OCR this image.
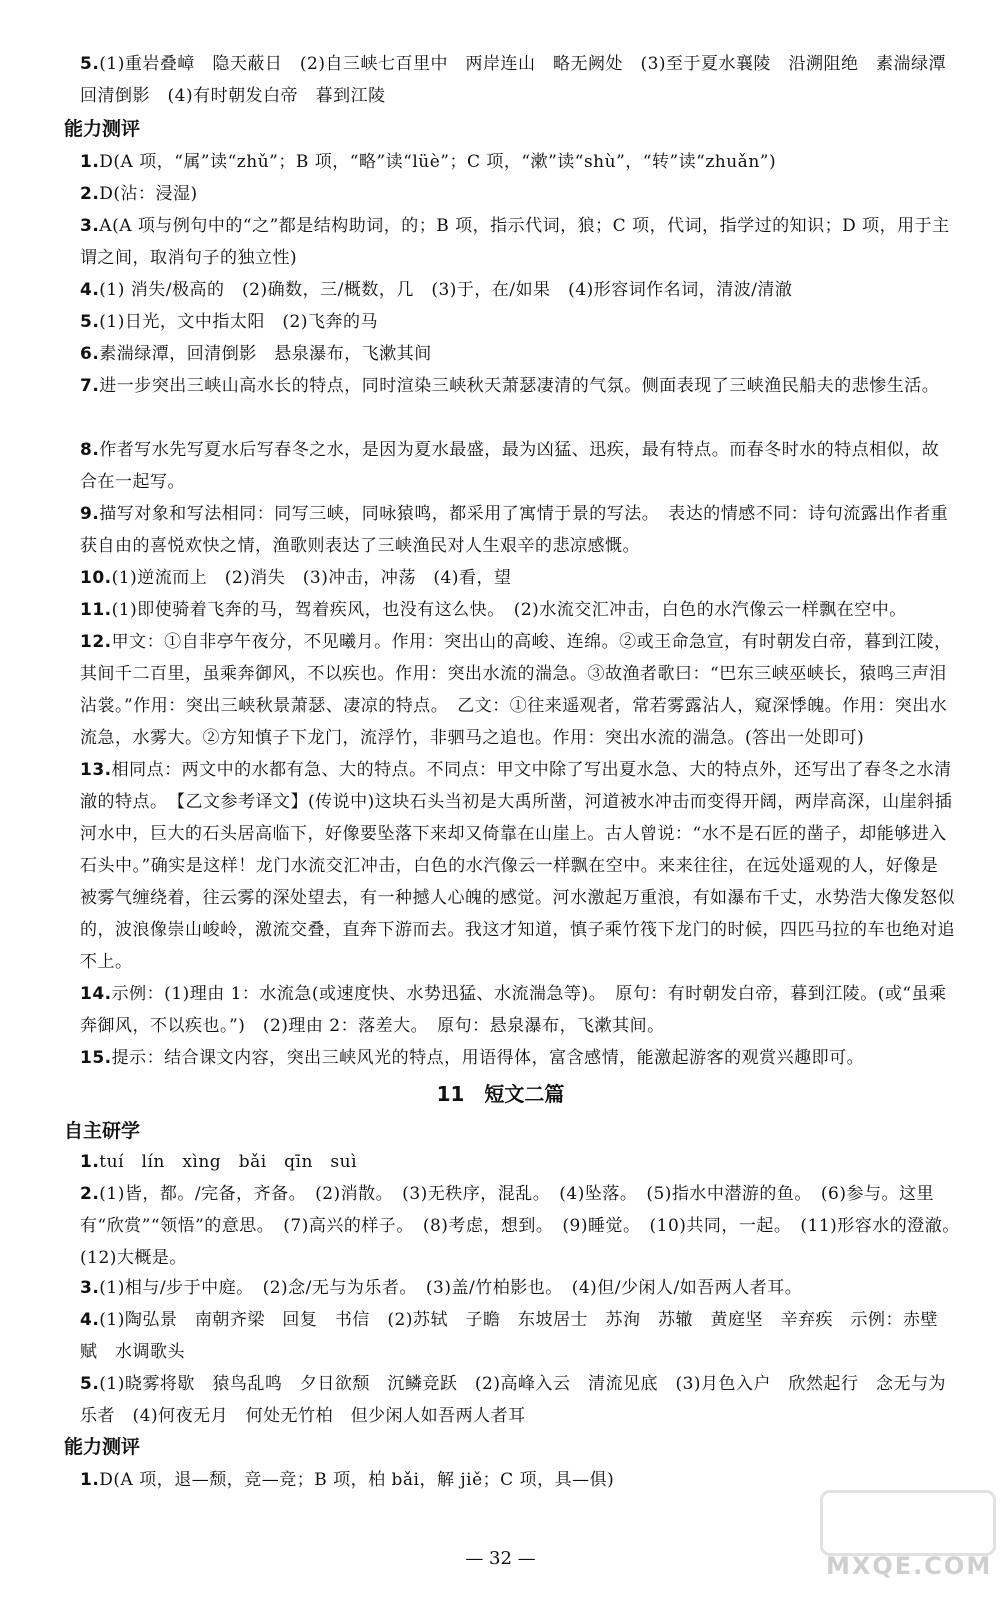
5.(1)重岩叠嶂　隐天蔽日　(2)自三峡七百里中　两岸连山　略无阙处　(3)至于夏水襄陵　沿溯阻绝　素湍绿潭　回清倒影　(4)有时朝发白帝　暮到江陵
能力测评
1.D(A 项，“属”读“zhǔ”；B 项，“略”读“lüè”；C 项，“漱”读“shù”，“转”读“zhuǎn”)
2.D(沾：浸湿)
3.A(A 项与例句中的“之”都是结构助词，的；B 项，指示代词，狼；C 项，代词，指学过的知识；D 项，用于主谓之间，取消句子的独立性)
4.(1) 消失/极高的　(2)确数，三/概数，几　(3)于，在/如果　(4)形容词作名词，清波/清澈
5.(1)日光，文中指太阳　(2)飞奔的马
6.素湍绿潭，回清倒影　悬泉瀑布，飞漱其间
7.进一步突出三峡山高水长的特点，同时渲染三峡秋天萧瑟凄清的气氛。侧面表现了三峡渔民船夫的悲惨生活。
8.作者写水先写夏水后写春冬之水，是因为夏水最盛，最为凶猛、迅疾，最有特点。而春冬时水的特点相似，故合在一起写。
9.描写对象和写法相同：同写三峡，同咏猿鸣，都采用了寓情于景的写法。　表达的情感不同：诗句流露出作者重获自由的喜悦欢快之情，渔歌则表达了三峡渔民对人生艰辛的悲凉感慨。
10.(1)逆流而上　(2)消失　(3)冲击，冲荡　(4)看，望
11.(1)即使骑着飞奔的马，驾着疾风，也没有这么快。　(2)水流交汇冲击，白色的水汽像云一样飘在空中。
12.甲文：①自非亭午夜分，不见曦月。作用：突出山的高峻、连绵。②或王命急宣，有时朝发白帝，暮到江陵，其间千二百里，虽乘奔御风，不以疾也。作用：突出水流的湍急。③故渔者歌曰：“巴东三峡巫峡长，猿鸣三声泪沾裳。”作用：突出三峡秋景萧瑟、凄凉的特点。　乙文：①往来遥观者，常若雾露沾人，窥深悸魄。作用：突出水流急，水雾大。②方知慎子下龙门，流浮竹，非驷马之追也。作用：突出水流的湍急。(答出一处即可)
13.相同点：两文中的水都有急、大的特点。不同点：甲文中除了写出夏水急、大的特点外，还写出了春冬之水清澈的特点。　【乙文参考译文】(传说中)这块石头当初是大禹所凿，河道被水冲击而变得开阔，两岸高深，山崖斜插河水中，巨大的石头居高临下，好像要坠落下来却又倚靠在山崖上。古人曾说：“水不是石匠的凿子，却能够进入石头中。”确实是这样！龙门水流交汇冲击，白色的水汽像云一样飘在空中。来来往往，在远处遥观的人，好像是被雾气缠绕着，往云雾的深处望去，有一种撼人心魄的感觉。河水激起万重浪，有如瀑布千丈，水势浩大像发怒似的，波浪像崇山峻岭，激流交叠，直奔下游而去。我这才知道，慎子乘竹筏下龙门的时候，四匹马拉的车也绝对追不上。
14.示例：(1)理由 1：水流急(或速度快、水势迅猛、水流湍急等)。　原句：有时朝发白帝，暮到江陵。(或“虽乘奔御风，不以疾也。”)　(2)理由 2：落差大。　原句：悬泉瀑布，飞漱其间。
15.提示：结合课文内容，突出三峡风光的特点，用语得体，富含感情，能激起游客的观赏兴趣即可。
11　短文二篇
自主研学
1.tuí　lín　xìng　bǎi　qīn　suì
2.(1)皆，都。/完备，齐备。　(2)消散。　(3)无秩序，混乱。　(4)坠落。　(5)指水中潜游的鱼。　(6)参与。这里有“欣赏”“领悟”的意思。　(7)高兴的样子。　(8)考虑，想到。　(9)睡觉。　(10)共同，一起。　(11)形容水的澄澈。　(12)大概是。
3.(1)相与/步于中庭。　(2)念/无与为乐者。　(3)盖/竹柏影也。　(4)但/少闲人/如吾两人者耳。
4.(1)陶弘景　南朝齐梁　回复　书信　(2)苏轼　子瞻　东坡居士　苏洵　苏辙　黄庭坚　辛弃疾　示例：赤壁赋　水调歌头
5.(1)晓雾将歇　猿鸟乱鸣　夕日欲颓　沉鳞竞跃　(2)高峰入云　清流见底　(3)月色入户　欣然起行　念无与为乐者　(4)何夜无月　何处无竹柏　但少闲人如吾两人者耳
能力测评
1.D(A 项，退—颓，竞—竞；B 项，柏 bǎi，解 jiě；C 项，具—俱)
— 32 —	MXQE.COM
